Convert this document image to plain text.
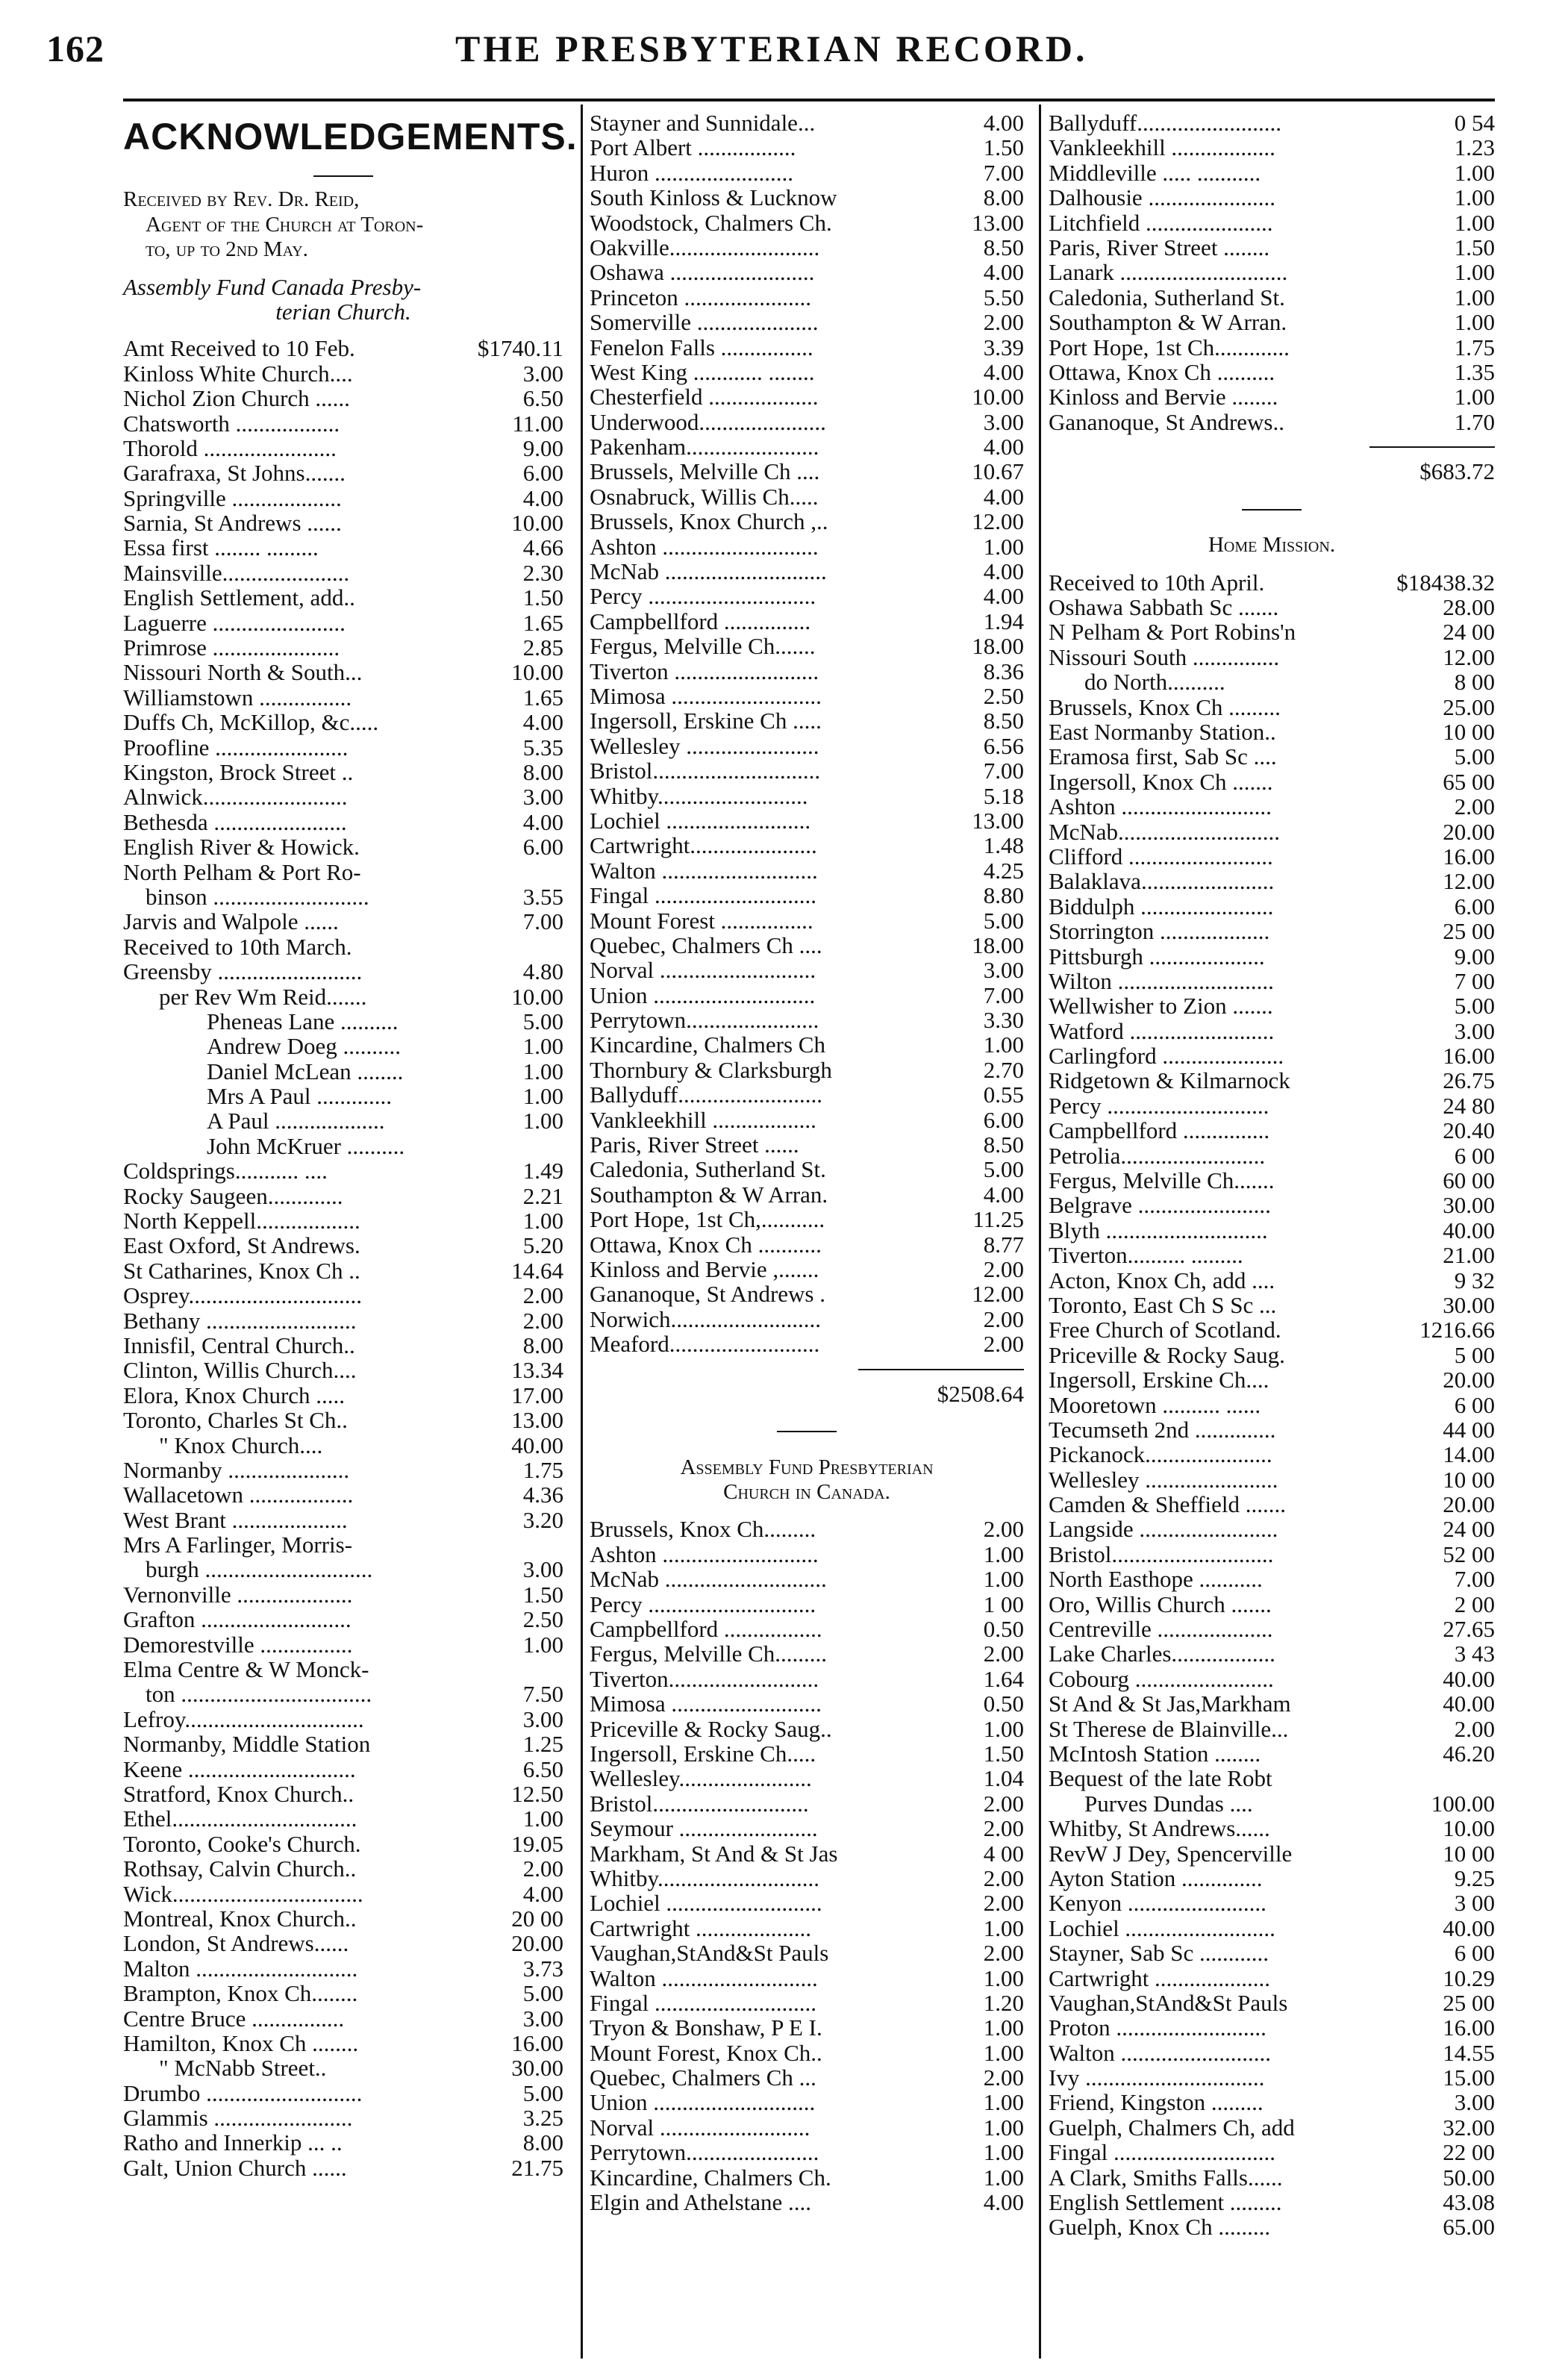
162	THE PRESBYTERIAN RECORD.
ACKNOWLEDGEMENTS.
Received by Rev. Dr. Reid,
Agent of the Church at Toron-
to, up to 2nd May.
Assembly Fund Canada Presby-
terian Church.
Amt Received to 10 Feb.	$1740.11
Kinloss White Church....	3.00
Nichol Zion Church ......	6.50
Chatsworth ..................	11.00
Thorold .......................	9.00
Garafraxa, St Johns.......	6.00
Springville ...................	4.00
Sarnia, St Andrews ......	10.00
Essa first ........ .........	4.66
Mainsville......................	2.30
English Settlement, add..	1.50
Laguerre .......................	1.65
Primrose ......................	2.85
Nissouri North & South...	10.00
Williamstown ................	1.65
Duffs Ch, McKillop, &c.....	4.00
Proofline .......................	5.35
Kingston, Brock Street ..	8.00
Alnwick.........................	3.00
Bethesda .......................	4.00
English River & Howick.	6.00
North Pelham & Port Ro-
binson ...........................	3.55
Jarvis and Walpole ......	7.00
Received to 10th March.
Greensby .........................	4.80
per Rev Wm Reid.......	10.00
Pheneas Lane ..........	5.00
Andrew Doeg ..........	1.00
Daniel McLean ........	1.00
Mrs A Paul .............	1.00
A Paul ...................	1.00
John McKruer ..........
Coldsprings........... ....	1.49
Rocky Saugeen.............	2.21
North Keppell..................	1.00
East Oxford, St Andrews.	5.20
St Catharines, Knox Ch ..	14.64
Osprey..............................	2.00
Bethany ..........................	2.00
Innisfil, Central Church..	8.00
Clinton, Willis Church....	13.34
Elora, Knox Church .....	17.00
Toronto, Charles St Ch..	13.00
" Knox Church....	40.00
Normanby .....................	1.75
Wallacetown ..................	4.36
West Brant ....................	3.20
Mrs A Farlinger, Morris-
burgh .............................	3.00
Vernonville ....................	1.50
Grafton ..........................	2.50
Demorestville ................	1.00
Elma Centre & W Monck-
ton .................................	7.50
Lefroy...............................	3.00
Normanby, Middle Station	1.25
Keene .............................	6.50
Stratford, Knox Church..	12.50
Ethel................................	1.00
Toronto, Cooke's Church.	19.05
Rothsay, Calvin Church..	2.00
Wick.................................	4.00
Montreal, Knox Church..	20 00
London, St Andrews......	20.00
Malton ............................	3.73
Brampton, Knox Ch........	5.00
Centre Bruce ................	3.00
Hamilton, Knox Ch ........	16.00
" McNabb Street..	30.00
Drumbo ...........................	5.00
Glammis ........................	3.25
Ratho and Innerkip ... ..	8.00
Galt, Union Church ......	21.75
Stayner and Sunnidale...	4.00
Port Albert .................	1.50
Huron ........................	7.00
South Kinloss & Lucknow	8.00
Woodstock, Chalmers Ch.	13.00
Oakville..........................	8.50
Oshawa .........................	4.00
Princeton ......................	5.50
Somerville .....................	2.00
Fenelon Falls ................	3.39
West King ............ ........	4.00
Chesterfield ...................	10.00
Underwood......................	3.00
Pakenham.......................	4.00
Brussels, Melville Ch ....	10.67
Osnabruck, Willis Ch.....	4.00
Brussels, Knox Church ,..	12.00
Ashton ...........................	1.00
McNab ............................	4.00
Percy .............................	4.00
Campbellford ...............	1.94
Fergus, Melville Ch.......	18.00
Tiverton .........................	8.36
Mimosa ..........................	2.50
Ingersoll, Erskine Ch .....	8.50
Wellesley .......................	6.56
Bristol.............................	7.00
Whitby..........................	5.18
Lochiel .........................	13.00
Cartwright......................	1.48
Walton ...........................	4.25
Fingal ............................	8.80
Mount Forest ................	5.00
Quebec, Chalmers Ch ....	18.00
Norval ...........................	3.00
Union ............................	7.00
Perrytown.......................	3.30
Kincardine, Chalmers Ch	1.00
Thornbury & Clarksburgh	2.70
Ballyduff.........................	0.55
Vankleekhill ..................	6.00
Paris, River Street ......	8.50
Caledonia, Sutherland St.	5.00
Southampton & W Arran.	4.00
Port Hope, 1st Ch,...........	11.25
Ottawa, Knox Ch ...........	8.77
Kinloss and Bervie ,.......	2.00
Gananoque, St Andrews .	12.00
Norwich..........................	2.00
Meaford..........................	2.00
$2508.64
Assembly Fund Presbyterian
Church in Canada.
Brussels, Knox Ch.........	2.00
Ashton ...........................	1.00
McNab ............................	1.00
Percy .............................	1 00
Campbellford .................	0.50
Fergus, Melville Ch.........	2.00
Tiverton..........................	1.64
Mimosa ..........................	0.50
Priceville & Rocky Saug..	1.00
Ingersoll, Erskine Ch.....	1.50
Wellesley.......................	1.04
Bristol...........................	2.00
Seymour ........................	2.00
Markham, St And & St Jas	4 00
Whitby............................	2.00
Lochiel ...........................	2.00
Cartwright ....................	1.00
Vaughan,StAnd&St Pauls	2.00
Walton ...........................	1.00
Fingal ............................	1.20
Tryon & Bonshaw, P E I.	1.00
Mount Forest, Knox Ch..	1.00
Quebec, Chalmers Ch ...	2.00
Union ............................	1.00
Norval ..........................	1.00
Perrytown.......................	1.00
Kincardine, Chalmers Ch.	1.00
Elgin and Athelstane ....	4.00
Ballyduff.........................	0 54
Vankleekhill ..................	1.23
Middleville ..... ...........	1.00
Dalhousie ......................	1.00
Litchfield ......................	1.00
Paris, River Street ........	1.50
Lanark .............................	1.00
Caledonia, Sutherland St.	1.00
Southampton & W Arran.	1.00
Port Hope, 1st Ch.............	1.75
Ottawa, Knox Ch ..........	1.35
Kinloss and Bervie ........	1.00
Gananoque, St Andrews..	1.70
$683.72
Home Mission.
Received to 10th April.	$18438.32
Oshawa Sabbath Sc .......	28.00
N Pelham & Port Robins'n	24 00
Nissouri South ...............	12.00
do North..........	8 00
Brussels, Knox Ch .........	25.00
East Normanby Station..	10 00
Eramosa first, Sab Sc ....	5.00
Ingersoll, Knox Ch .......	65 00
Ashton ..........................	2.00
McNab............................	20.00
Clifford .........................	16.00
Balaklava.......................	12.00
Biddulph .......................	6.00
Storrington ...................	25 00
Pittsburgh ....................	9.00
Wilton ...........................	7 00
Wellwisher to Zion .......	5.00
Watford .........................	3.00
Carlingford .....................	16.00
Ridgetown & Kilmarnock	26.75
Percy ............................	24 80
Campbellford ...............	20.40
Petrolia.........................	6 00
Fergus, Melville Ch.......	60 00
Belgrave .......................	30.00
Blyth ............................	40.00
Tiverton.......... .........	21.00
Acton, Knox Ch, add ....	9 32
Toronto, East Ch S Sc ...	30.00
Free Church of Scotland.	1216.66
Priceville & Rocky Saug.	5 00
Ingersoll, Erskine Ch....	20.00
Mooretown .......... ......	6 00
Tecumseth 2nd ..............	44 00
Pickanock......................	14.00
Wellesley .......................	10 00
Camden & Sheffield .......	20.00
Langside ........................	24 00
Bristol............................	52 00
North Easthope ...........	7.00
Oro, Willis Church .......	2 00
Centreville ....................	27.65
Lake Charles..................	3 43
Cobourg ........................	40.00
St And & St Jas,Markham	40.00
St Therese de Blainville...	2.00
McIntosh Station ........	46.20
Bequest of the late Robt
Purves Dundas ....	100.00
Whitby, St Andrews......	10.00
RevW J Dey, Spencerville	10 00
Ayton Station ..............	9.25
Kenyon ........................	3 00
Lochiel ..........................	40.00
Stayner, Sab Sc ............	6 00
Cartwright ....................	10.29
Vaughan,StAnd&St Pauls	25 00
Proton ..........................	16.00
Walton ..........................	14.55
Ivy ...............................	15.00
Friend, Kingston .........	3.00
Guelph, Chalmers Ch, add	32.00
Fingal ............................	22 00
A Clark, Smiths Falls......	50.00
English Settlement .........	43.08
Guelph, Knox Ch .........	65.00
